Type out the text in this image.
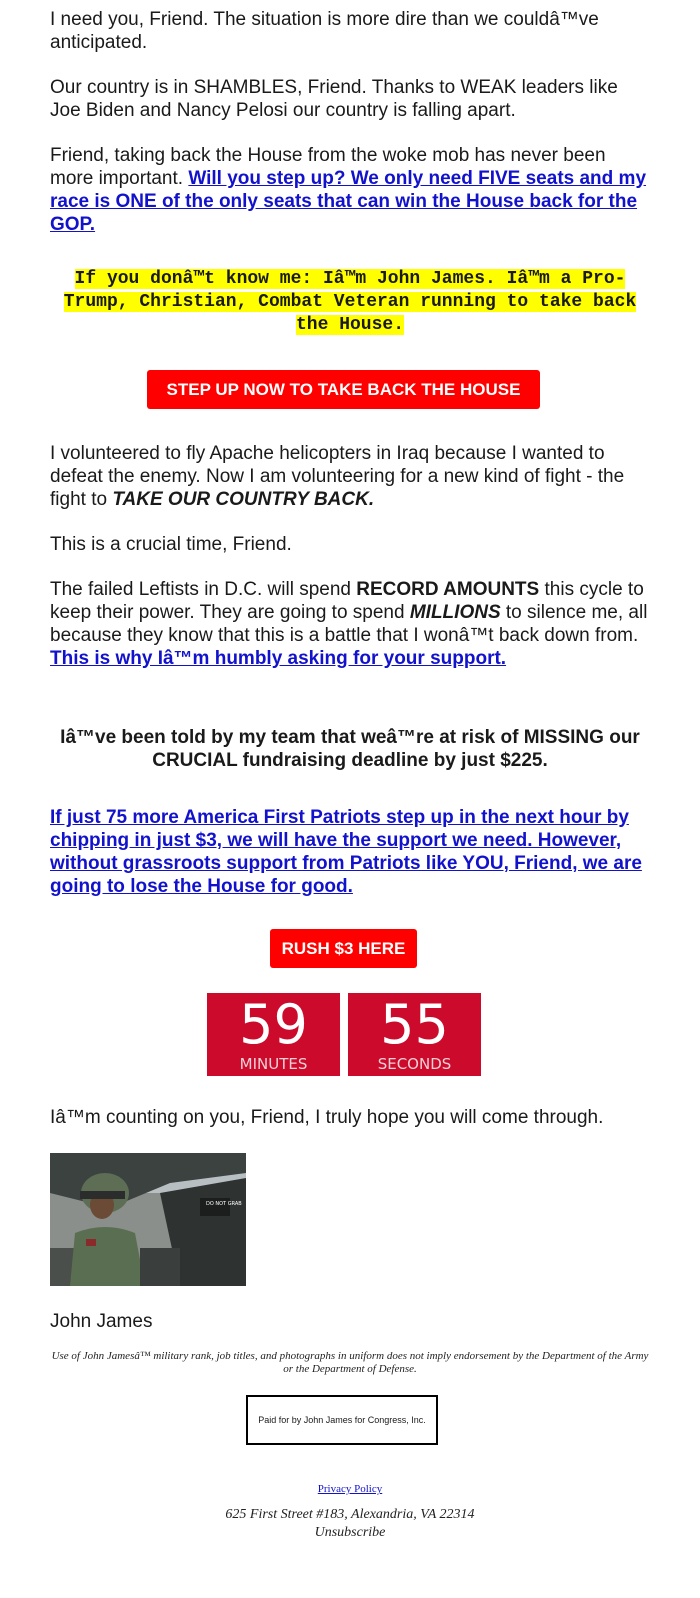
I need you, Friend. The situation is more dire than we couldâ™ve anticipated.

Our country is in SHAMBLES, Friend. Thanks to WEAK leaders like Joe Biden and Nancy Pelosi our country is falling apart.

Friend, taking back the House from the woke mob has never been more important. Will you step up? We only need FIVE seats and my race is ONE of the only seats that can win the House back for the GOP.

If you donâ™t know me: Iâ™m John James. Iâ™m a Pro-Trump, Christian, Combat Veteran running to take back the House.
STEP UP NOW TO TAKE BACK THE HOUSE

I volunteered to fly Apache helicopters in Iraq because I wanted to defeat the enemy. Now I am volunteering for a new kind of fight - the fight to TAKE OUR COUNTRY BACK.

This is a crucial time, Friend.

The failed Leftists in D.C. will spend RECORD AMOUNTS this cycle to keep their power. They are going to spend MILLIONS to silence me, all because they know that this is a battle that I wonâ™t back down from. This is why Iâ™m humbly asking for your support.

Iâ™ve been told by my team that weâ™re at risk of MISSING our CRUCIAL fundraising deadline by just $225.

If just 75 more America First Patriots step up in the next hour by chipping in just $3, we will have the support we need. However, without grassroots support from Patriots like YOU, Friend, we are going to lose the House for good.

RUSH $3 HERE
59
MINUTES
55
SECONDS

Iâ™m counting on you, Friend, I truly hope you will come through.

DO NOT GRAB

John James

Use of John Jamesâ™ military rank, job titles, and photographs in uniform does not imply endorsement by the Department of the Army or the Department of Defense.
Paid for by John James for Congress, Inc.
Privacy Policy
625 First Street #183, Alexandria, VA 22314
Unsubscribe
